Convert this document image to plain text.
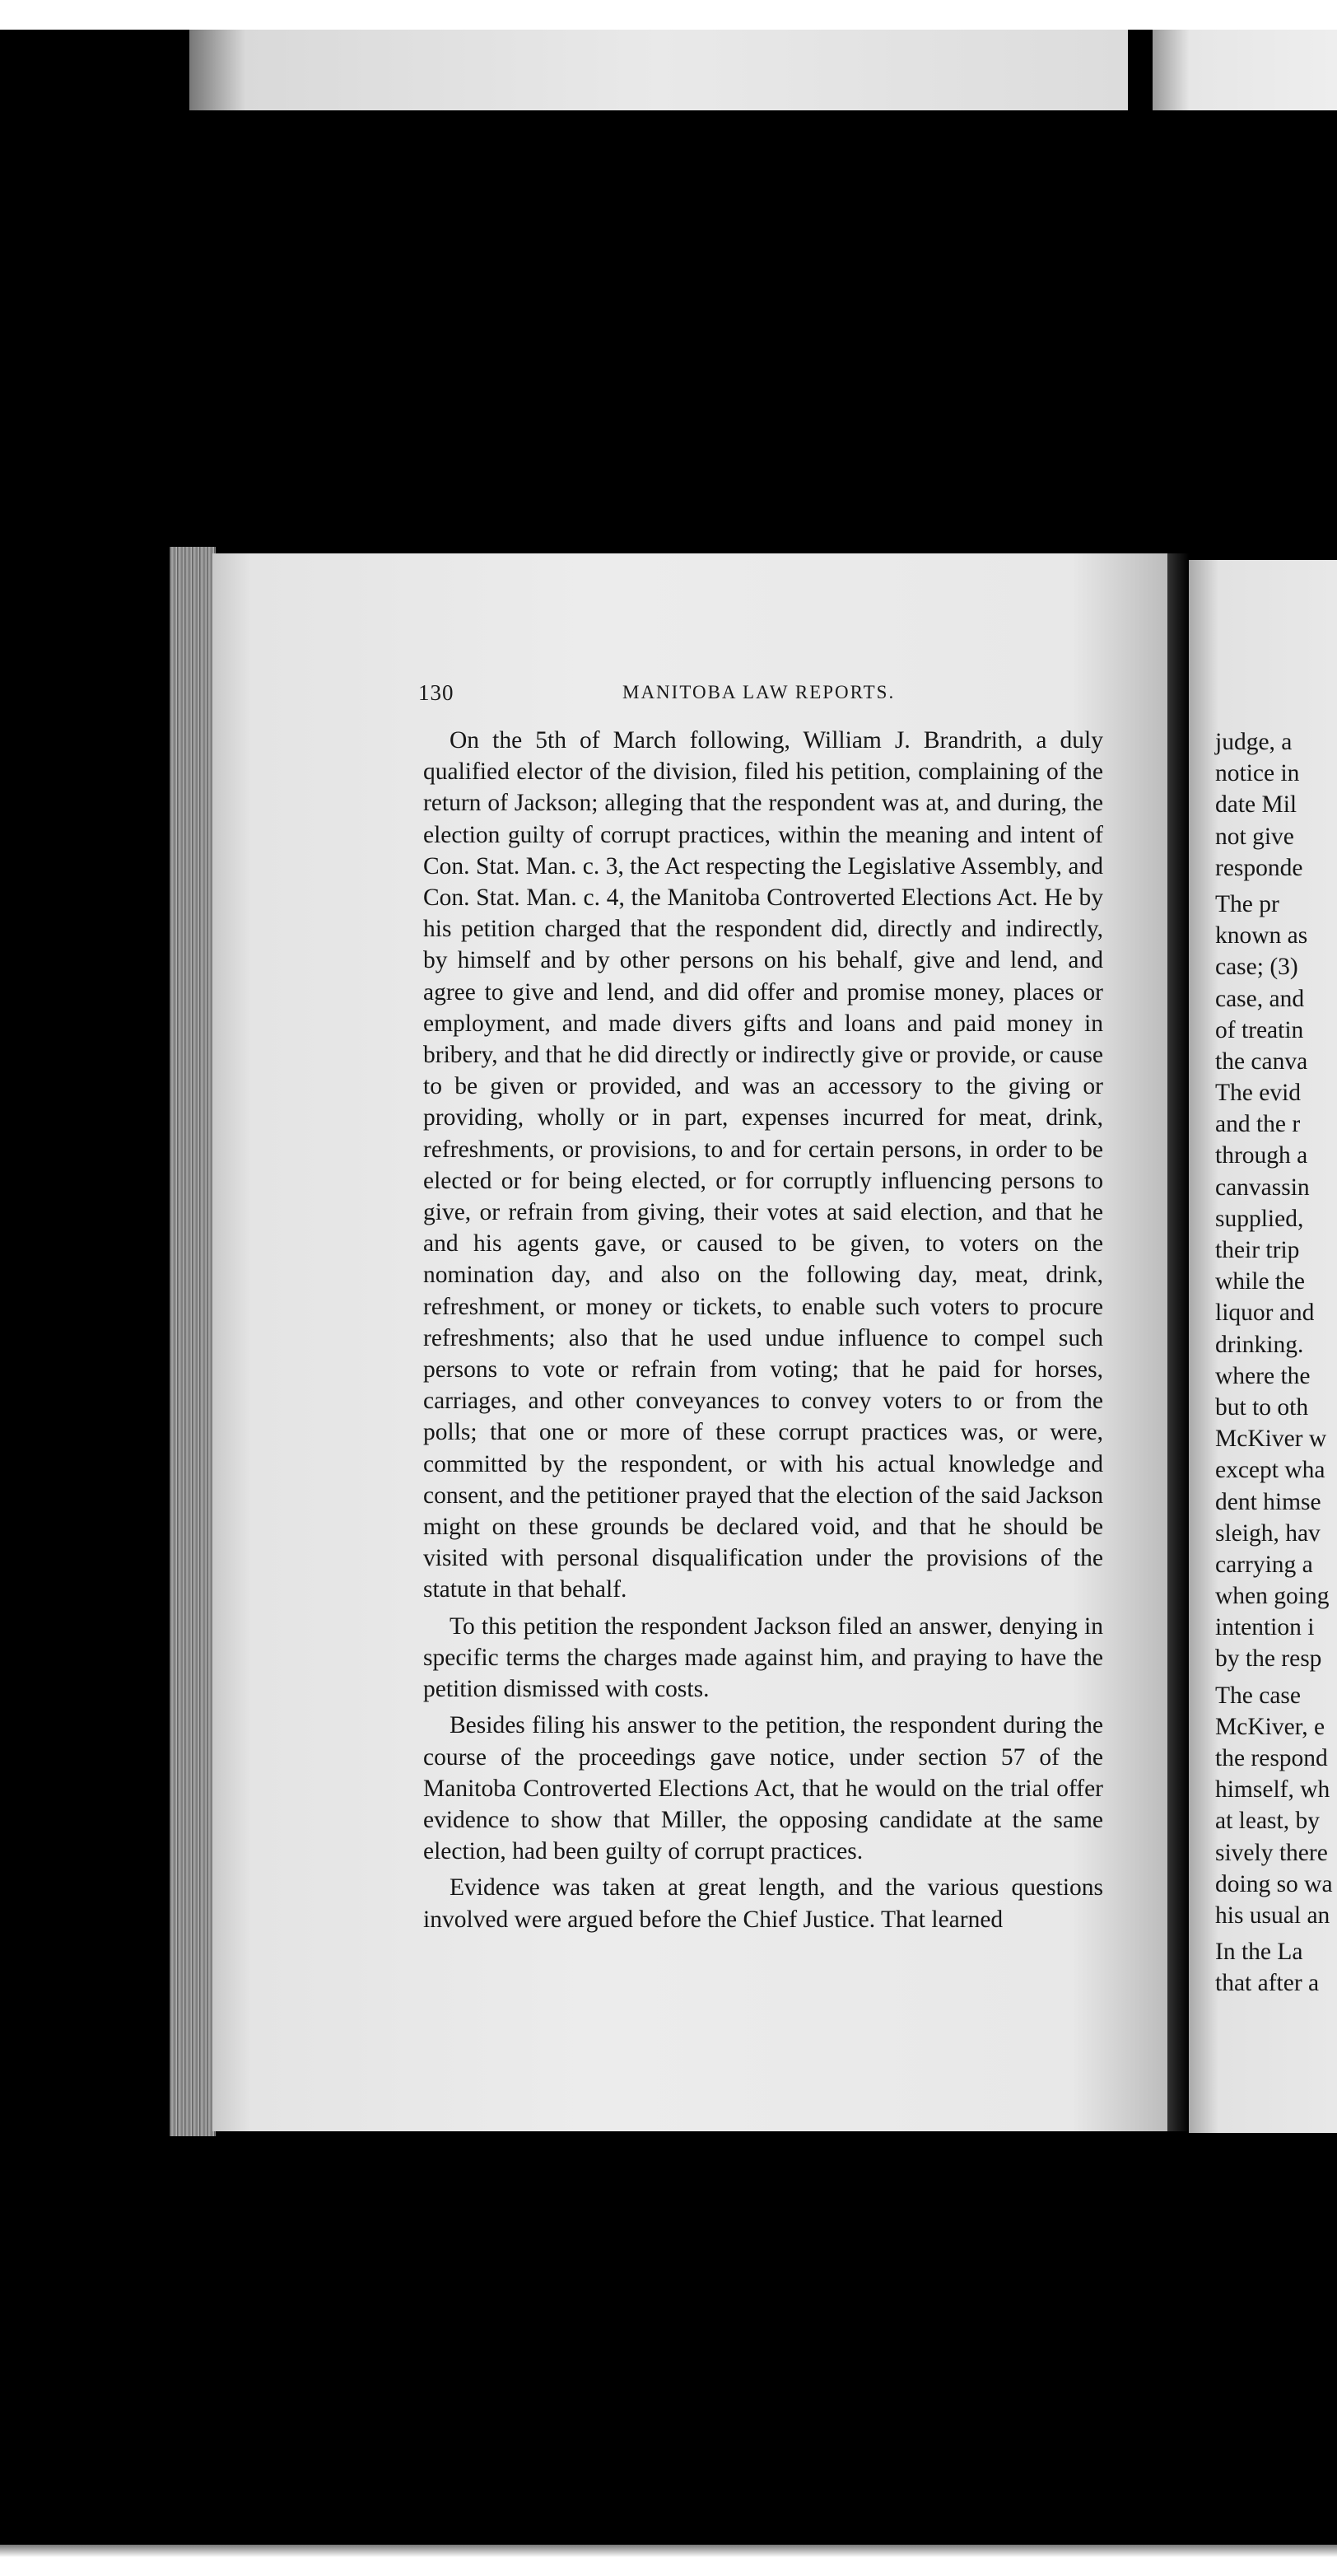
130	MANITOBA LAW REPORTS.

On the 5th of March following, William J. Brandrith, a duly qualified elector of the division, filed his petition, complaining of the return of Jackson; alleging that the respondent was at, and during, the election guilty of corrupt practices, within the meaning and intent of Con. Stat. Man. c. 3, the Act respecting the Legislative Assembly, and Con. Stat. Man. c. 4, the Manitoba Controverted Elections Act. He by his petition charged that the respondent did, directly and indirectly, by himself and by other persons on his behalf, give and lend, and agree to give and lend, and did offer and promise money, places or employment, and made divers gifts and loans and paid money in bribery, and that he did directly or indirectly give or provide, or cause to be given or provided, and was an accessory to the giving or providing, wholly or in part, expenses incurred for meat, drink, refreshments, or provisions, to and for certain persons, in order to be elected or for being elected, or for corruptly influencing persons to give, or refrain from giving, their votes at said election, and that he and his agents gave, or caused to be given, to voters on the nomination day, and also on the following day, meat, drink, refreshment, or money or tickets, to enable such voters to procure refreshments; also that he used undue influence to compel such persons to vote or refrain from voting; that he paid for horses, carriages, and other conveyances to convey voters to or from the polls; that one or more of these corrupt practices was, or were, committed by the respondent, or with his actual knowledge and consent, and the petitioner prayed that the election of the said Jackson might on these grounds be declared void, and that he should be visited with personal disqualification under the provisions of the statute in that behalf.

To this petition the respondent Jackson filed an answer, denying in specific terms the charges made against him, and praying to have the petition dismissed with costs.

Besides filing his answer to the petition, the respondent during the course of the proceedings gave notice, under section 57 of the Manitoba Controverted Elections Act, that he would on the trial offer evidence to show that Miller, the opposing candidate at the same election, had been guilty of corrupt practices.

Evidence was taken at great length, and the various questions involved were argued before the Chief Justice. That learned

judge, a
notice in
date Mil
not give
responde
The pr
known as
case; (3)
case, and
of treatin
the canva
The evid
and the r
through a
canvassin
supplied,
their trip
while the
liquor and
drinking.
where the
but to oth
McKiver w
except wha
dent himse
sleigh, hav
carrying a
when going
intention i
by the resp
The case
McKiver, e
the respond
himself, wh
at least, by
sively there
doing so wa
his usual an
In the La
that after a
